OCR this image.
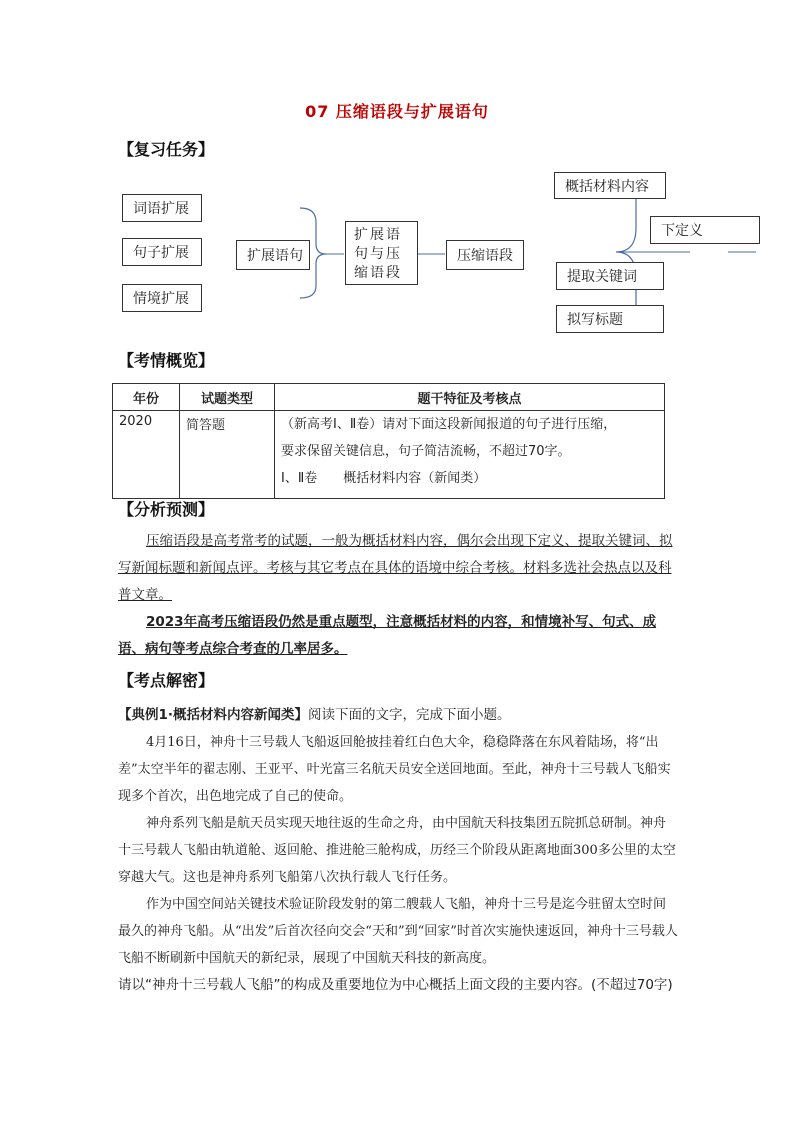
07 压缩语段与扩展语句
【复习任务】
词语扩展
句子扩展
情境扩展
扩展语句
扩展语句与压缩语段
压缩语段
概括材料内容
下定义
提取关键词
拟写标题
【考情概览】
年份	试题类型	题干特征及考核点
2020	简答题	（新高考Ⅰ、Ⅱ卷）请对下面这段新闻报道的句子进行压缩，
要求保留关键信息，句子简洁流畅，不超过70字。
Ⅰ、Ⅱ卷　　概括材料内容（新闻类）
【分析预测】
压缩语段是高考常考的试题，一般为概括材料内容，偶尔会出现下定义、提取关键词、拟写新闻标题和新闻点评。考核与其它考点在具体的语境中综合考核。材料多选社会热点以及科普文章。
2023年高考压缩语段仍然是重点题型，注意概括材料的内容，和情境补写、句式、成语、病句等考点综合考查的几率居多。
【考点解密】
【典例1·概括材料内容新闻类】阅读下面的文字，完成下面小题。
4月16日，神舟十三号载人飞船返回舱披挂着红白色大伞，稳稳降落在东风着陆场，将“出差”太空半年的翟志刚、王亚平、叶光富三名航天员安全送回地面。至此，神舟十三号载人飞船实现多个首次，出色地完成了自己的使命。
神舟系列飞船是航天员实现天地往返的生命之舟，由中国航天科技集团五院抓总研制。神舟十三号载人飞船由轨道舱、返回舱、推进舱三舱构成，历经三个阶段从距离地面300多公里的太空穿越大气。这也是神舟系列飞船第八次执行载人飞行任务。
作为中国空间站关键技术验证阶段发射的第二艘载人飞船，神舟十三号是迄今驻留太空时间最久的神舟飞船。从“出发”后首次径向交会“天和”到“回家”时首次实施快速返回，神舟十三号载人飞船不断刷新中国航天的新纪录，展现了中国航天科技的新高度。
请以“神舟十三号载人飞船”的构成及重要地位为中心概括上面文段的主要内容。(不超过70字)
